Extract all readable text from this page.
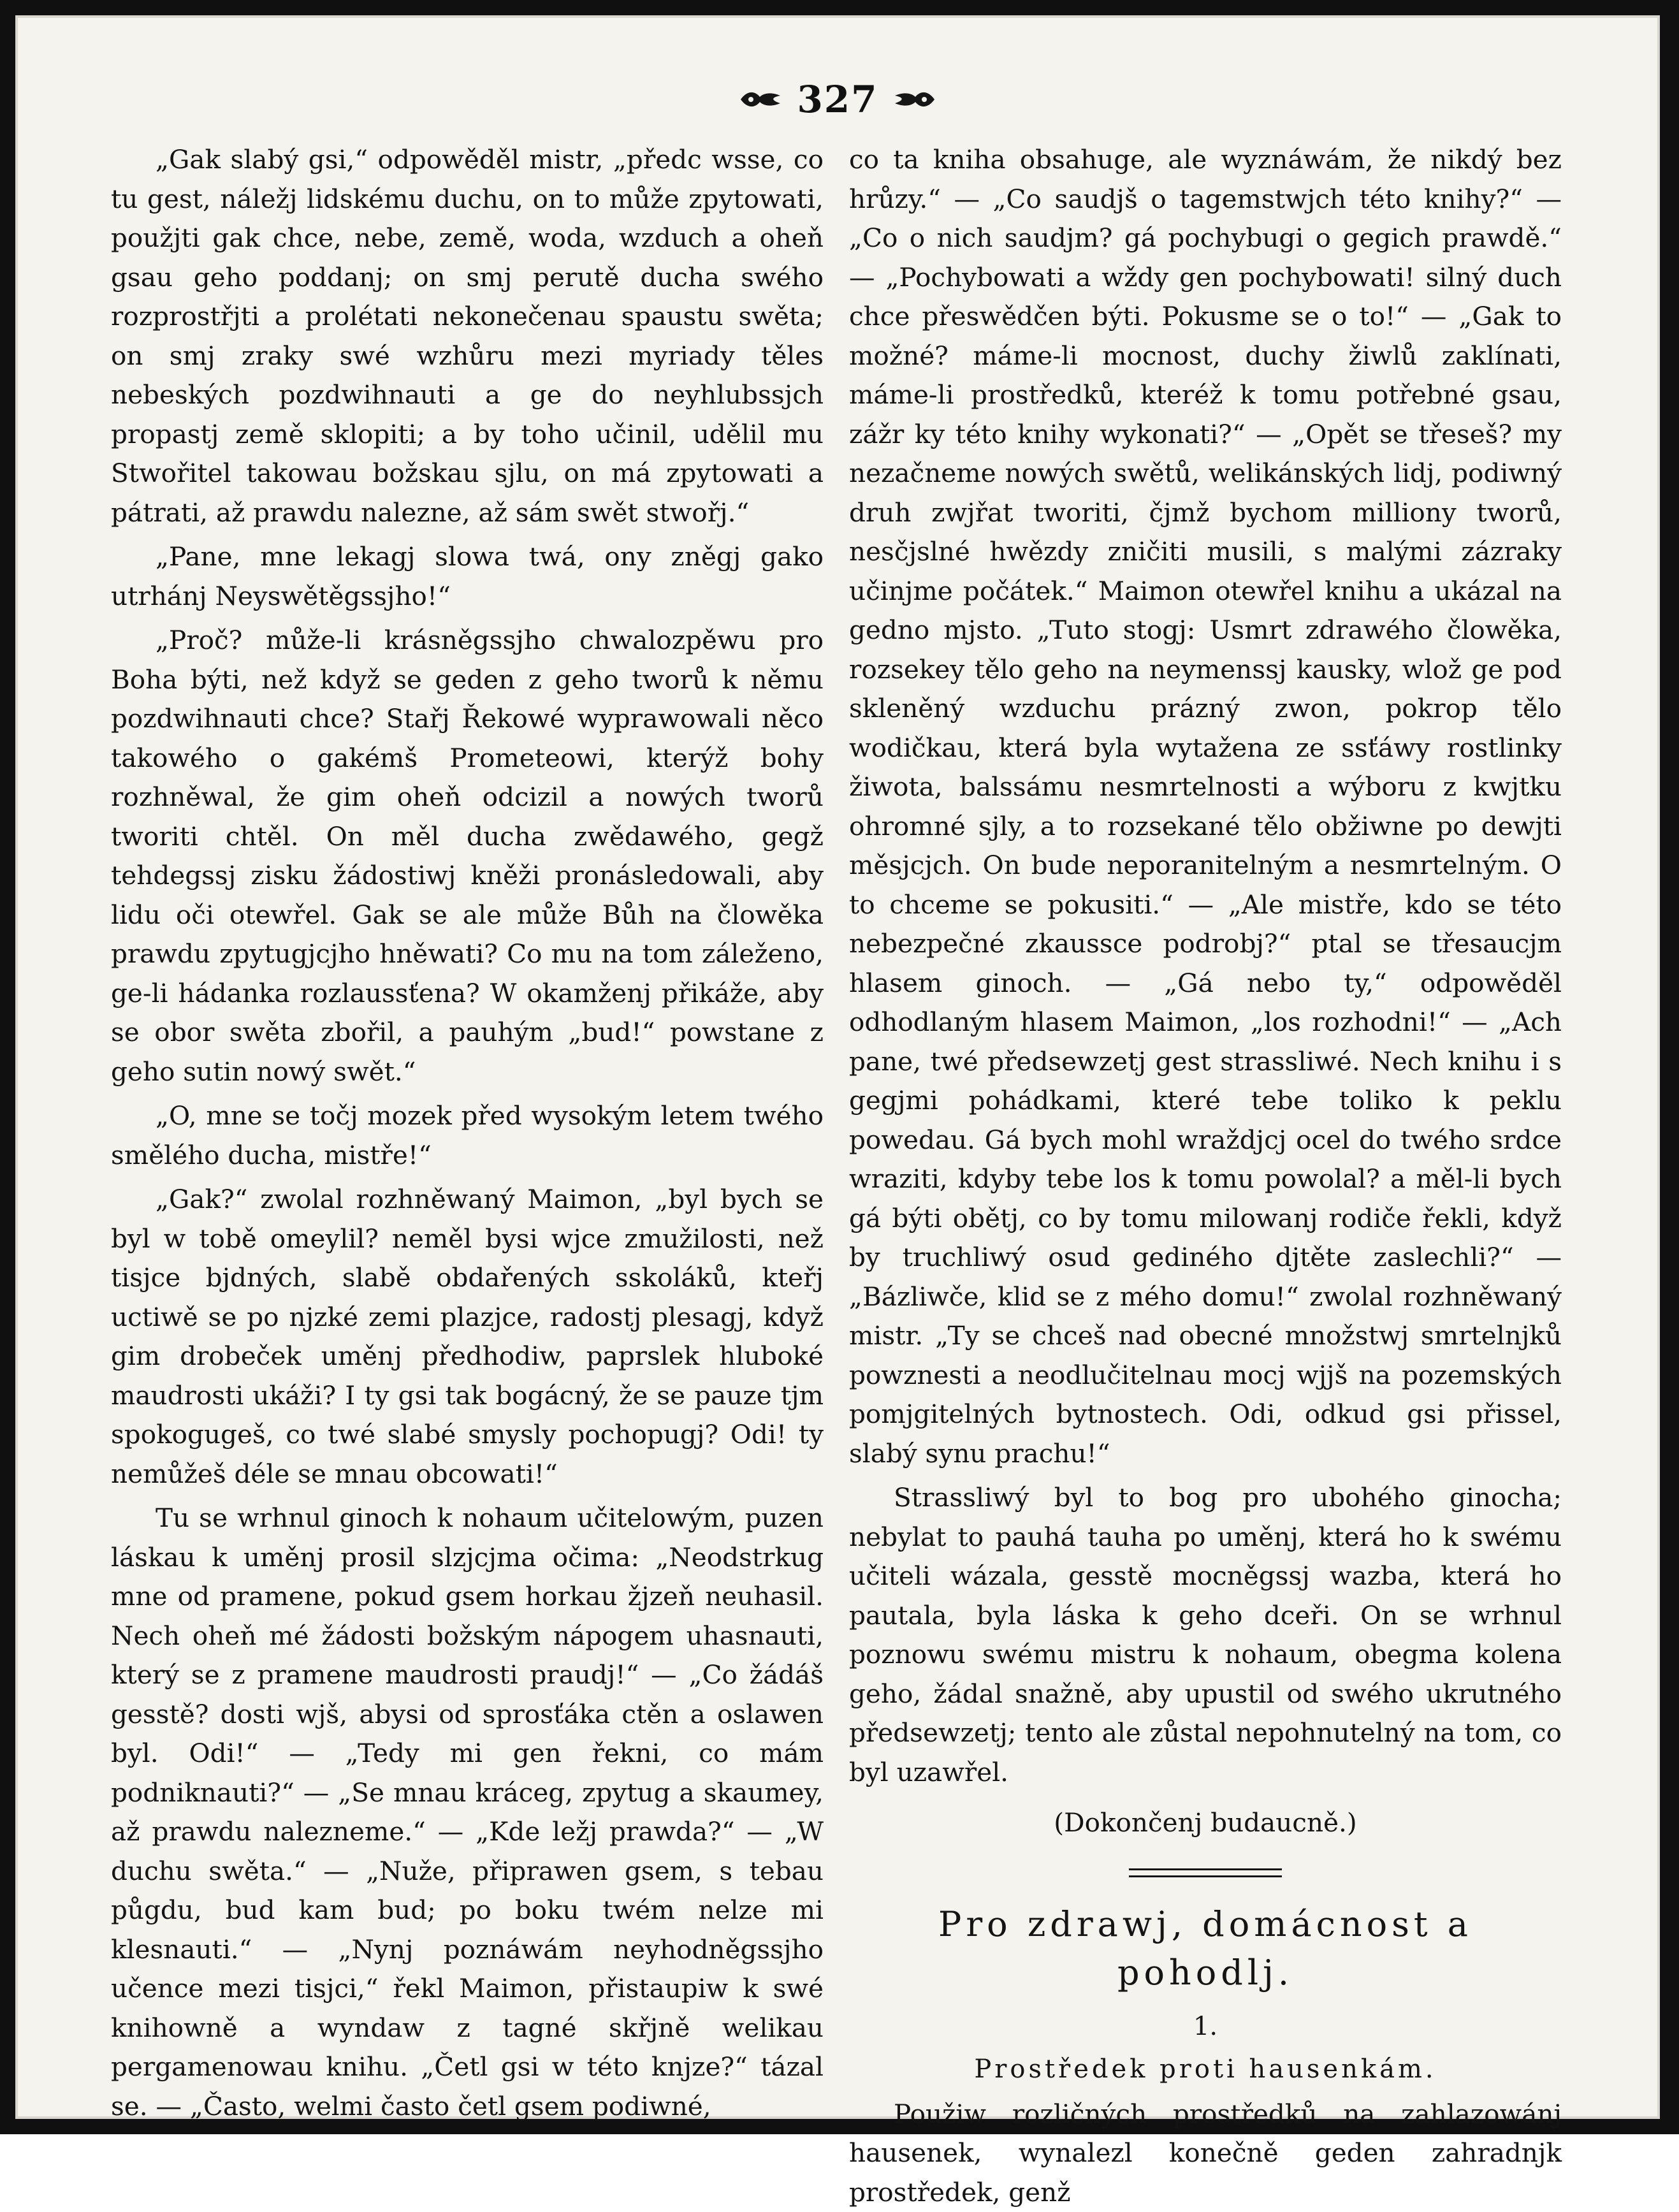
327

„Gak slabý gsi,“ odpowěděl mistr, „předc wsse, co tu gest, náležj lidskému duchu, on to může zpytowati, použjti gak chce, nebe, země, woda, wzduch a oheň gsau geho poddanj; on smj perutě ducha swého rozprostřjti a prolétati nekonečenau spaustu swěta; on smj zraky swé wzhůru mezi myriady těles nebeských pozdwihnauti a ge do neyhlubssjch propastj země sklopiti; a by toho učinil, udělil mu Stwořitel takowau božskau sjlu, on má zpytowati a pátrati, až prawdu nalezne, až sám swět stwořj.“

„Pane, mne lekagj slowa twá, ony zněgj gako utrhánj Neyswětěgssjho!“

„Proč? může-li krásněgssjho chwalozpěwu pro Boha býti, než když se geden z geho tworů k němu pozdwihnauti chce? Stařj Řekowé wyprawowali něco takowého o gakémš Prometeowi, kterýž bohy rozhněwal, že gim oheň odcizil a nowých tworů tworiti chtěl. On měl ducha zwědawého, gegž tehdegssj zisku žádostiwj kněži pronásledowali, aby lidu oči otewřel. Gak se ale může Bůh na člowěka prawdu zpytugjcjho hněwati? Co mu na tom záleženo, ge-li hádanka rozlaussťena? W okamženj přikáže, aby se obor swěta zbořil, a pauhým „bud!“ powstane z geho sutin nowý swět.“

„O, mne se točj mozek před wysokým letem twého smělého ducha, mistře!“

„Gak?“ zwolal rozhněwaný Maimon, „byl bych se byl w tobě omeylil? neměl bysi wjce zmužilosti, než tisjce bjdných, slabě obdařených sskoláků, kteřj uctiwě se po njzké zemi plazjce, radostj plesagj, když gim drobeček uměnj předhodiw, paprslek hluboké maudrosti ukáži? I ty gsi tak bogácný, že se pauze tjm spokogugeš, co twé slabé smysly pochopugj? Odi! ty nemůžeš déle se mnau obcowati!“

Tu se wrhnul ginoch k nohaum učitelowým, puzen láskau k uměnj prosil slzjcjma očima: „Neodstrkug mne od pramene, pokud gsem horkau žjzeň neuhasil. Nech oheň mé žádosti božským nápogem uhasnauti, který se z pramene maudrosti praudj!“ — „Co žádáš gesstě? dosti wjš, abysi od sprosťáka ctěn a oslawen byl. Odi!“ — „Tedy mi gen řekni, co mám podniknauti?“ — „Se mnau kráceg, zpytug a skaumey, až prawdu nalezneme.“ — „Kde ležj prawda?“ — „W duchu swěta.“ — „Nuže, připrawen gsem, s tebau půgdu, bud kam bud; po boku twém nelze mi klesnauti.“ — „Nynj poznáwám neyhodněgssjho učence mezi tisjci,“ řekl Maimon, přistaupiw k swé knihowně a wyndaw z tagné skřjně welikau pergamenowau knihu. „Četl gsi w této knjze?“ tázal se. — „Často, welmi často četl gsem podiwné,

co ta kniha obsahuge, ale wyznáwám, že nikdý bez hrůzy.“ — „Co saudjš o tagemstwjch této knihy?“ — „Co o nich saudjm? gá pochybugi o gegich prawdě.“ — „Pochybowati a wždy gen pochybowati! silný duch chce přeswědčen býti. Pokusme se o to!“ — „Gak to možné? máme-li mocnost, duchy žiwlů zaklínati, máme-li prostředků, kteréž k tomu potřebné gsau, zážr ky této knihy wykonati?“ — „Opět se třeseš? my nezačneme nowých swětů, welikánských lidj, podiwný druh zwjřat tworiti, čjmž bychom milliony tworů, nesčjslné hwězdy zničiti musili, s malými zázraky učinjme počátek.“ Maimon otewřel knihu a ukázal na gedno mjsto. „Tuto stogj: Usmrt zdrawého člowěka, rozsekey tělo geho na neymenssj kausky, wlož ge pod skleněný wzduchu prázný zwon, pokrop tělo wodičkau, která byla wytažena ze ssťáwy rostlinky žiwota, balssámu nesmrtelnosti a wýboru z kwjtku ohromné sjly, a to rozsekané tělo obžiwne po dewjti měsjcjch. On bude neporanitelným a nesmrtelným. O to chceme se pokusiti.“ — „Ale mistře, kdo se této nebezpečné zkaussce podrobj?“ ptal se třesaucjm hlasem ginoch. — „Gá nebo ty,“ odpowěděl odhodlaným hlasem Maimon, „los rozhodni!“ — „Ach pane, twé předsewzetj gest strassliwé. Nech knihu i s gegjmi pohádkami, které tebe tolikо k peklu powedau. Gá bych mohl wraždjcj ocel do twého srdce wraziti, kdyby tebe los k tomu powolal? a měl-li bych gá býti obětj, co by tomu milowanj rodiče řekli, když by truchliwý osud gediného djtěte zaslechli?“ — „Bázliwče, klid se z mého domu!“ zwolal rozhněwaný mistr. „Ty se chceš nad obecné množstwj smrtelnjků powznesti a neodlučitelnau mocj wjjš na pozemských pomjgitelných bytnostech. Odi, odkud gsi přissel, slabý synu prachu!“

Strassliwý byl to bog pro ubohého ginocha; nebylat to pauhá tauha po uměnj, která ho k swému učiteli wázala, gesstě mocněgssj wazba, která ho pautala, byla láska k geho dceři. On se wrhnul poznowu swému mistru k nohaum, obegma kolena geho, žádal snažně, aby upustil od swého ukrutného předsewzetj; tento ale zůstal nepohnutelný na tom, co byl uzawřel.

(Dokončenj budaucně.)

Pro zdrawj, domácnost a pohodlj.

1.

Prostředek proti hausenkám.

Použiw rozličných prostředků na zahlazowánj hausenek, wynalezl konečně geden zahradnjk prostředek, genž
